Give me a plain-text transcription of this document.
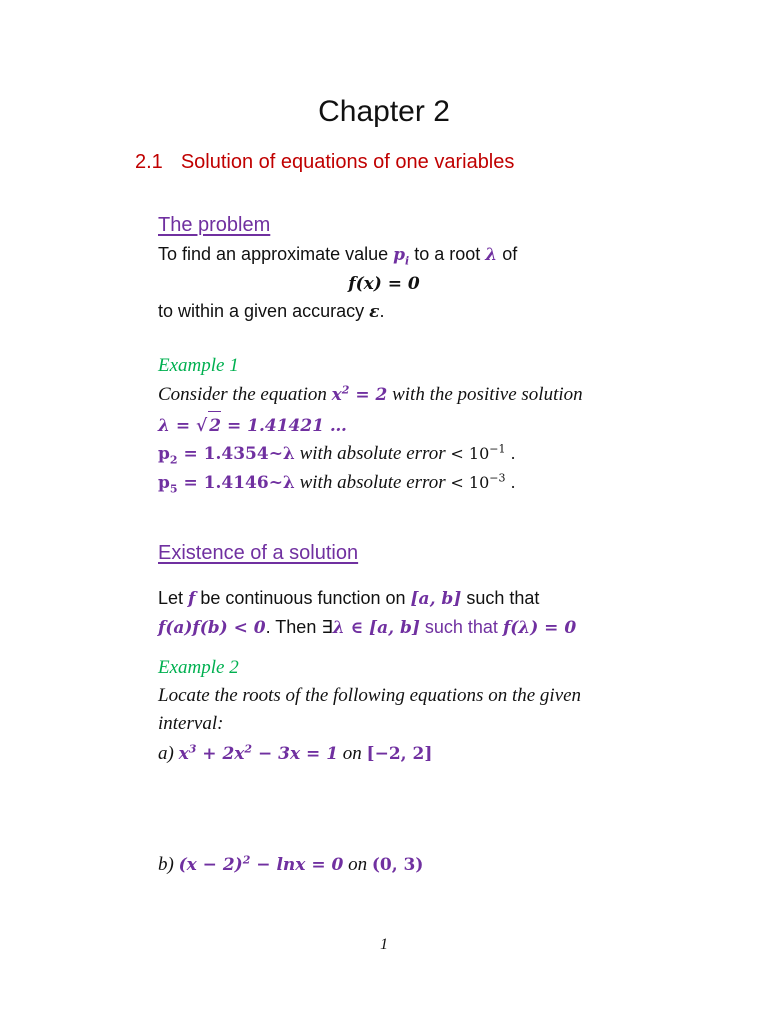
Chapter 2
2.1 Solution of equations of one variables
The problem
To find an approximate value $p_i$ to a root λ of
f(x) = 0
to within a given accuracy ε.
Example 1
Consider the equation $x^2 = 2$ with the positive solution
λ = √ 2 = 1.41421 …
$p_2$ = 1.4354~λ with absolute error < $10^{-1}$ .
$p_5$ = 1.4146~λ with absolute error < $10^{-3}$ .
Existence of a solution
Let f be continuous function on [a, b] such that
f(a)f(b) < 0. Then ∃λ ∈ [a, b] such that f(λ) = 0
Example 2
Locate the roots of the following equations on the given
interval:
a) $x^3 + 2x^2 - 3x = 1$ on [−2, 2]
b) $(x - 2)^2 - \ln x = 0$ on (0, 3)
1
